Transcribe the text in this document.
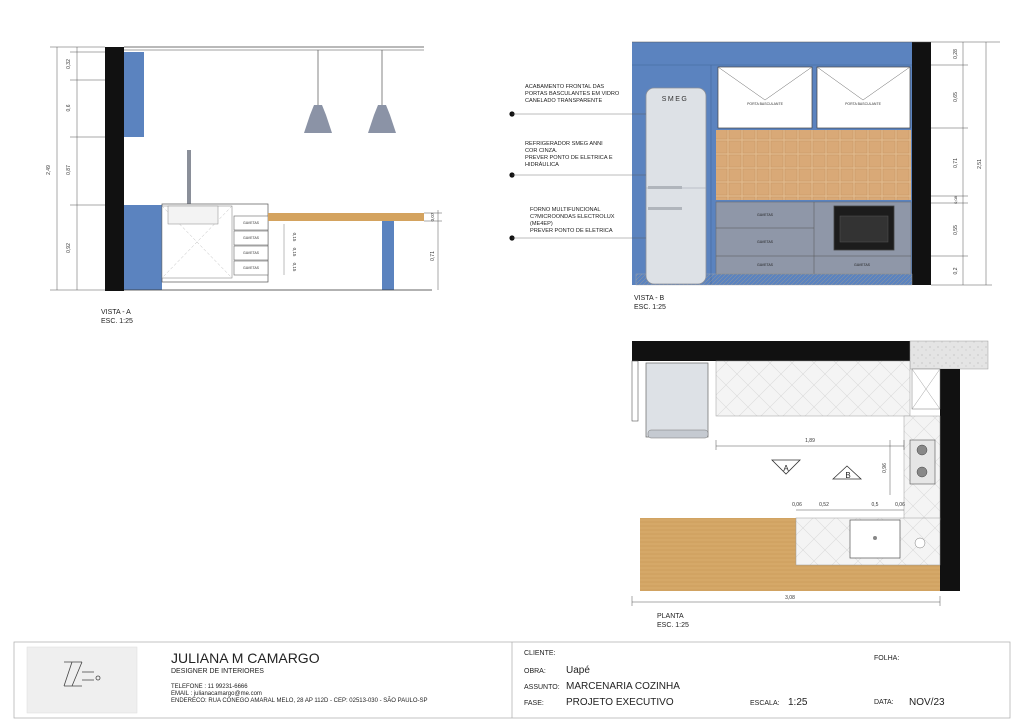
GAVETAS
GAVETAS
GAVETAS
GAVETAS
0,32
0,6
0,87
0,92
2,49
0,15
0,15
0,15
0,07
0,71
VISTA - A
ESC. 1:25
PORTA BASCULANTE	PORTA BASCULANTE
GAVETAS
GAVETAS
GAVETAS	GAVETAS
SMEG
ACABAMENTO FRONTAL DAS PORTAS BASCULANTES EM VIDRO CANELADO TRANSPARENTE
REFRIGERADOR SMEG ANNI COR CINZA. PREVER PONTO DE ELETRICA E HIDRÁULICA
FORNO MULTIFUNCIONAL C?MICROONDAS ELECTROLUX (ME4EP) PREVER PONTO DE ELETRICA
0,28
0,65
0,71
0,08
0,55
0,2
2,51
VISTA - B
ESC. 1:25
1,89
0,96
0,06	0,52	0,5	0,06
3,08
A
B
PLANTA
ESC. 1:25
JULIANA M CAMARGO
DESIGNER DE INTERIORES
TELEFONE : 11 99231-6666
EMAIL : julianacamargo@me.com
ENDERECO: RUA CONEGO AMARAL MELO, 28 AP 112D - CEP: 02513-030 - SÃO PAULO-SP
CLIENTE:
FOLHA:
OBRA: Uapé
ASSUNTO: MARCENARIA COZINHA
FASE: PROJETO EXECUTIVO	ESCALA: 1:25	DATA: NOV/23
